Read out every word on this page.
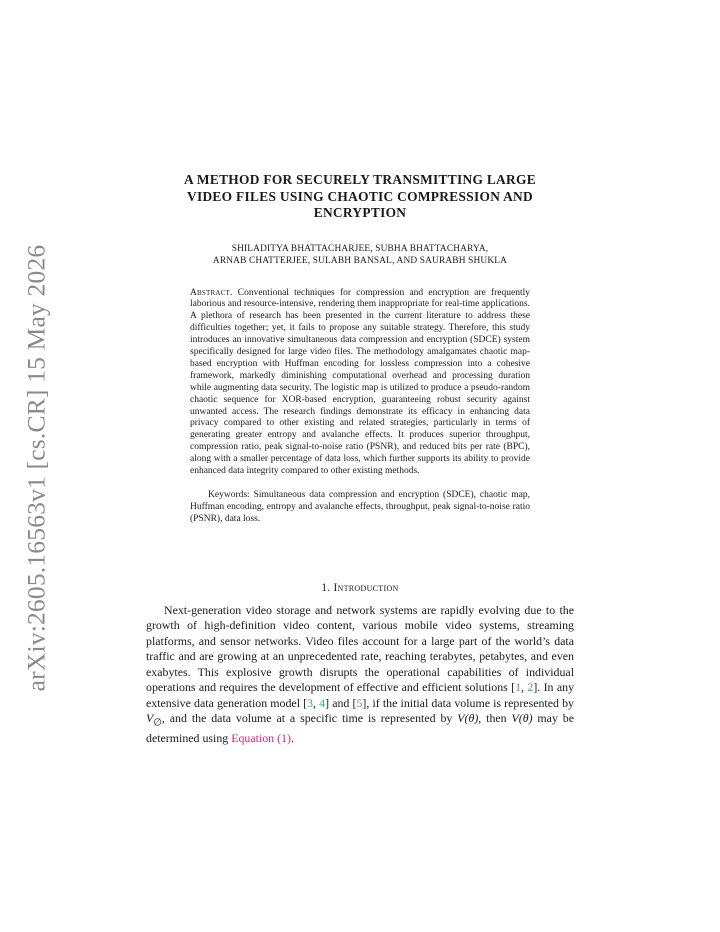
arXiv:2605.16563v1 [cs.CR] 15 May 2026
A METHOD FOR SECURELY TRANSMITTING LARGE
VIDEO FILES USING CHAOTIC COMPRESSION AND
ENCRYPTION
SHILADITYA BHATTACHARJEE, SUBHA BHATTACHARYA,
ARNAB CHATTERJEE, SULABH BANSAL, AND SAURABH SHUKLA
Abstract. Conventional techniques for compression and encryption are frequently laborious and resource-intensive, rendering them inappropriate for real-time applications. A plethora of research has been presented in the current literature to address these difficulties together; yet, it fails to propose any suitable strategy. Therefore, this study introduces an innovative simultaneous data compression and encryption (SDCE) system specifically designed for large video files. The methodology amalgamates chaotic map-based encryption with Huffman encoding for lossless compression into a cohesive framework, markedly diminishing computational overhead and processing duration while augmenting data security. The logistic map is utilized to produce a pseudo-random chaotic sequence for XOR-based encryption, guaranteeing robust security against unwanted access. The research findings demonstrate its efficacy in enhancing data privacy compared to other existing and related strategies, particularly in terms of generating greater entropy and avalanche effects. It produces superior throughput, compression ratio, peak signal-to-noise ratio (PSNR), and reduced bits per rate (BPC), along with a smaller percentage of data loss, which further supports its ability to provide enhanced data integrity compared to other existing methods.
Keywords: Simultaneous data compression and encryption (SDCE), chaotic map, Huffman encoding, entropy and avalanche effects, throughput, peak signal-to-noise ratio (PSNR), data loss.
1. Introduction
Next-generation video storage and network systems are rapidly evolving due to the growth of high-definition video content, various mobile video systems, streaming platforms, and sensor networks. Video files account for a large part of the world’s data traffic and are growing at an unprecedented rate, reaching terabytes, petabytes, and even exabytes. This explosive growth disrupts the operational capabilities of individual operations and requires the development of effective and efficient solutions [1, 2]. In any extensive data generation model [3, 4] and [5], if the initial data volume is represented by $V_\emptyset$, and the data volume at a specific time is represented by V(θ), then V(θ) may be determined using Equation (1).
